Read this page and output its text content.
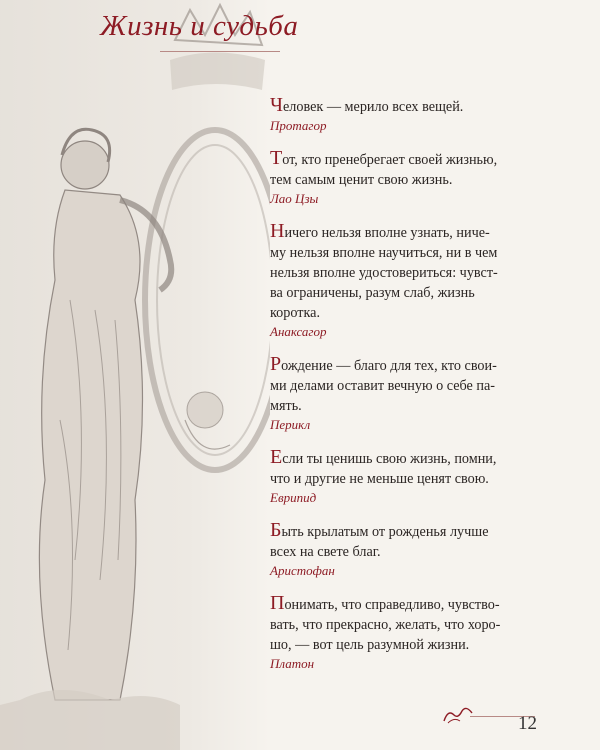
Жизнь и судьба

Человек — мерило всех вещей.

Протагор

Тот, кто пренебрегает своей жизнью,
тем самым ценит свою жизнь.

Лао Цзы

Ничего нельзя вполне узнать, ниче-
му нельзя вполне научиться, ни в чем
нельзя вполне удостовериться: чувст-
ва ограничены, разум слаб, жизнь
коротка.

Анаксагор

Рождение — благо для тех, кто свои-
ми делами оставит вечную о себе па-
мять.

Перикл

Если ты ценишь свою жизнь, помни,
что и другие не меньше ценят свою.

Еврипид

Быть крылатым от рожденья лучше
всех на свете благ.

Аристофан

Понимать, что справедливо, чувство-
вать, что прекрасно, желать, что хоро-
шо, — вот цель разумной жизни.

Платон

12
